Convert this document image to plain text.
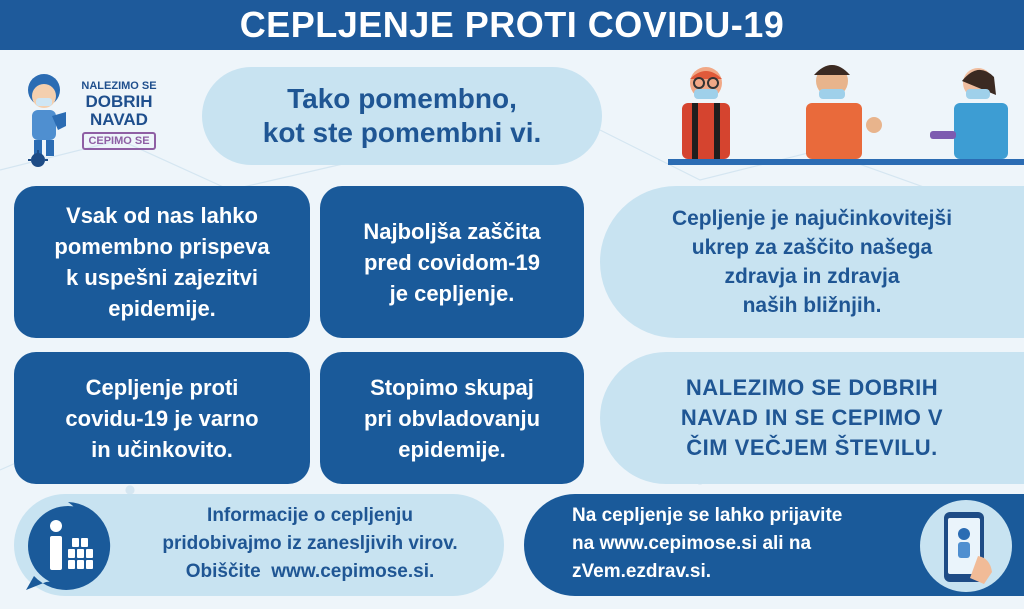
CEPLJENJE PROTI COVIDU-19
NALEZIMO SE
DOBRIH
NAVAD
CEPIMO SE
Tako pomembno,
kot ste pomembni vi.
Vsak od nas lahko
pomembno prispeva
k uspešni zajezitvi
epidemije.
Najboljša zaščita
pred covidom-19
je cepljenje.
Cepljenje proti
covidu-19 je varno
in učinkovito.
Stopimo skupaj
pri obvladovanju
epidemije.
Cepljenje je najučinkovitejši
ukrep za zaščito našega
zdravja in zdravja
naših bližnjih.
NALEZIMO SE DOBRIH
NAVAD IN SE CEPIMO V
ČIM VEČJEM ŠTEVILU.
Informacije o cepljenju
pridobivajmo iz zanesljivih virov.
Obiščite www.cepimose.si.
Na cepljenje se lahko prijavite
na www.cepimose.si ali na
zVem.ezdrav.si.
